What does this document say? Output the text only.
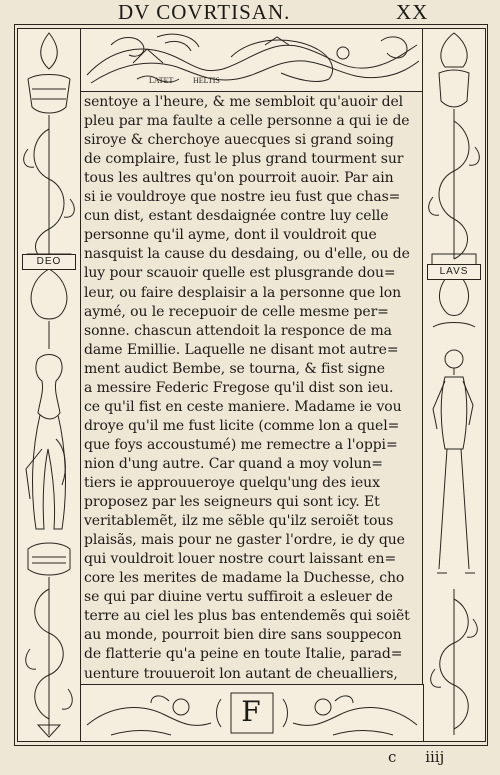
DV COVRTISAN.	XX
LATET HELTIS
F
DEO
LAVS
sentoye a l'heure, & me sembloit qu'auoir del
pleu par ma faulte a celle personne a qui ie de
siroye & cherchoye auecques si grand soing
de complaire, fust le plus grand tourment sur
tous les aultres qu'on pourroit auoir. Par ain
si ie vouldroye que nostre ieu fust que chas=
cun dist, estant desdaignée contre luy celle
personne qu'il ayme, dont il vouldroit que
nasquist la cause du desdaing, ou d'elle, ou de
luy pour scauoir quelle est plusgrande dou=
leur, ou faire desplaisir a la personne que lon
aymé, ou le recepuoir de celle mesme per=
sonne. chascun attendoit la responce de ma
dame Emillie. Laquelle ne disant mot autre=
ment audict Bembe, se tourna, & fist signe
a messire Federic Fregose qu'il dist son ieu.
ce qu'il fist en ceste maniere. Madame ie vou
droye qu'il me fust licite (comme lon a quel=
que foys accoustumé) me remectre a l'oppi=
nion d'ung autre. Car quand a moy volun=
tiers ie approuueroye quelqu'ung des ieux
proposez par les seigneurs qui sont icy. Et
veritablemẽt, ilz me sẽble qu'ilz seroiẽt tous
plaisãs, mais pour ne gaster l'ordre, ie dy que
qui vouldroit louer nostre court laissant en=
core les merites de madame la Duchesse, cho
se qui par diuine vertu suffiroit a esleuer de
terre au ciel les plus bas entendemẽs qui soiẽt
au monde, pourroit bien dire sans souppecon
de flatterie qu'a peine en toute Italie, parad=
uenture trouueroit lon autant de cheualliers,
c iiij
